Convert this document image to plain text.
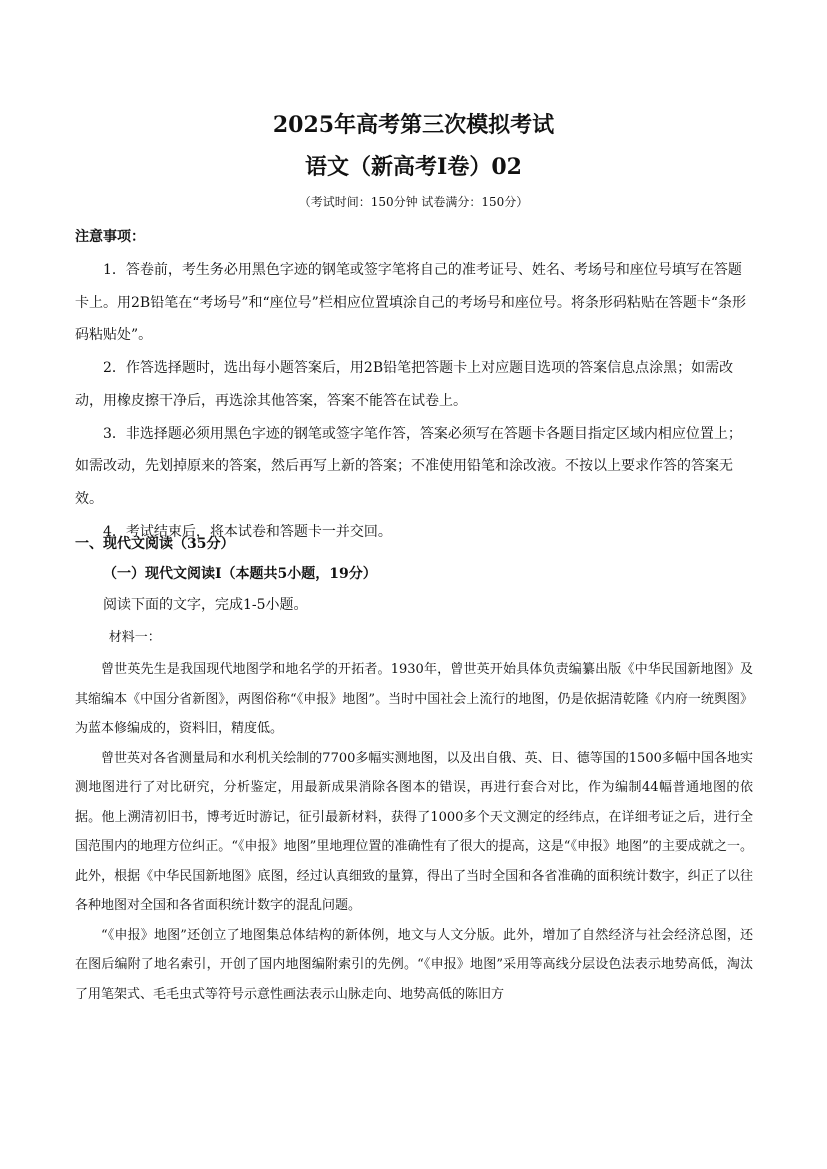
2025年高考第三次模拟考试
语文（新高考Ⅰ卷）02
（考试时间：150分钟 试卷满分：150分）
注意事项：

1．答卷前，考生务必用黑色字迹的钢笔或签字笔将自己的准考证号、姓名、考场号和座位号填写在答题卡上。用2B铅笔在“考场号”和“座位号”栏相应位置填涂自己的考场号和座位号。将条形码粘贴在答题卡“条形码粘贴处”。

2．作答选择题时，选出每小题答案后，用2B铅笔把答题卡上对应题目选项的答案信息点涂黑；如需改动，用橡皮擦干净后，再选涂其他答案，答案不能答在试卷上。

3．非选择题必须用黑色字迹的钢笔或签字笔作答，答案必须写在答题卡各题目指定区域内相应位置上；如需改动，先划掉原来的答案，然后再写上新的答案；不准使用铅笔和涂改液。不按以上要求作答的答案无效。

4．考试结束后，将本试卷和答题卡一并交回。

一、现代文阅读（35分）
（一）现代文阅读Ⅰ（本题共5小题，19分）
阅读下面的文字，完成1-5小题。
材料一：

曾世英先生是我国现代地图学和地名学的开拓者。1930年，曾世英开始具体负责编纂出版《中华民国新地图》及其缩编本《中国分省新图》，两图俗称“《申报》地图”。当时中国社会上流行的地图，仍是依据清乾隆《内府一统舆图》为蓝本修编成的，资料旧，精度低。

曾世英对各省测量局和水利机关绘制的7700多幅实测地图，以及出自俄、英、日、德等国的1500多幅中国各地实测地图进行了对比研究，分析鉴定，用最新成果消除各图本的错误，再进行套合对比，作为编制44幅普通地图的依据。他上溯清初旧书，博考近时游记，征引最新材料，获得了1000多个天文测定的经纬点，在详细考证之后，进行全国范围内的地理方位纠正。“《申报》地图”里地理位置的准确性有了很大的提高，这是“《申报》地图”的主要成就之一。此外，根据《中华民国新地图》底图，经过认真细致的量算，得出了当时全国和各省准确的面积统计数字，纠正了以往各种地图对全国和各省面积统计数字的混乱问题。

“《申报》地图”还创立了地图集总体结构的新体例，地文与人文分版。此外，增加了自然经济与社会经济总图，还在图后编附了地名索引，开创了国内地图编附索引的先例。“《申报》地图”采用等高线分层设色法表示地势高低，淘汰了用笔架式、毛毛虫式等符号示意性画法表示山脉走向、地势高低的陈旧方
